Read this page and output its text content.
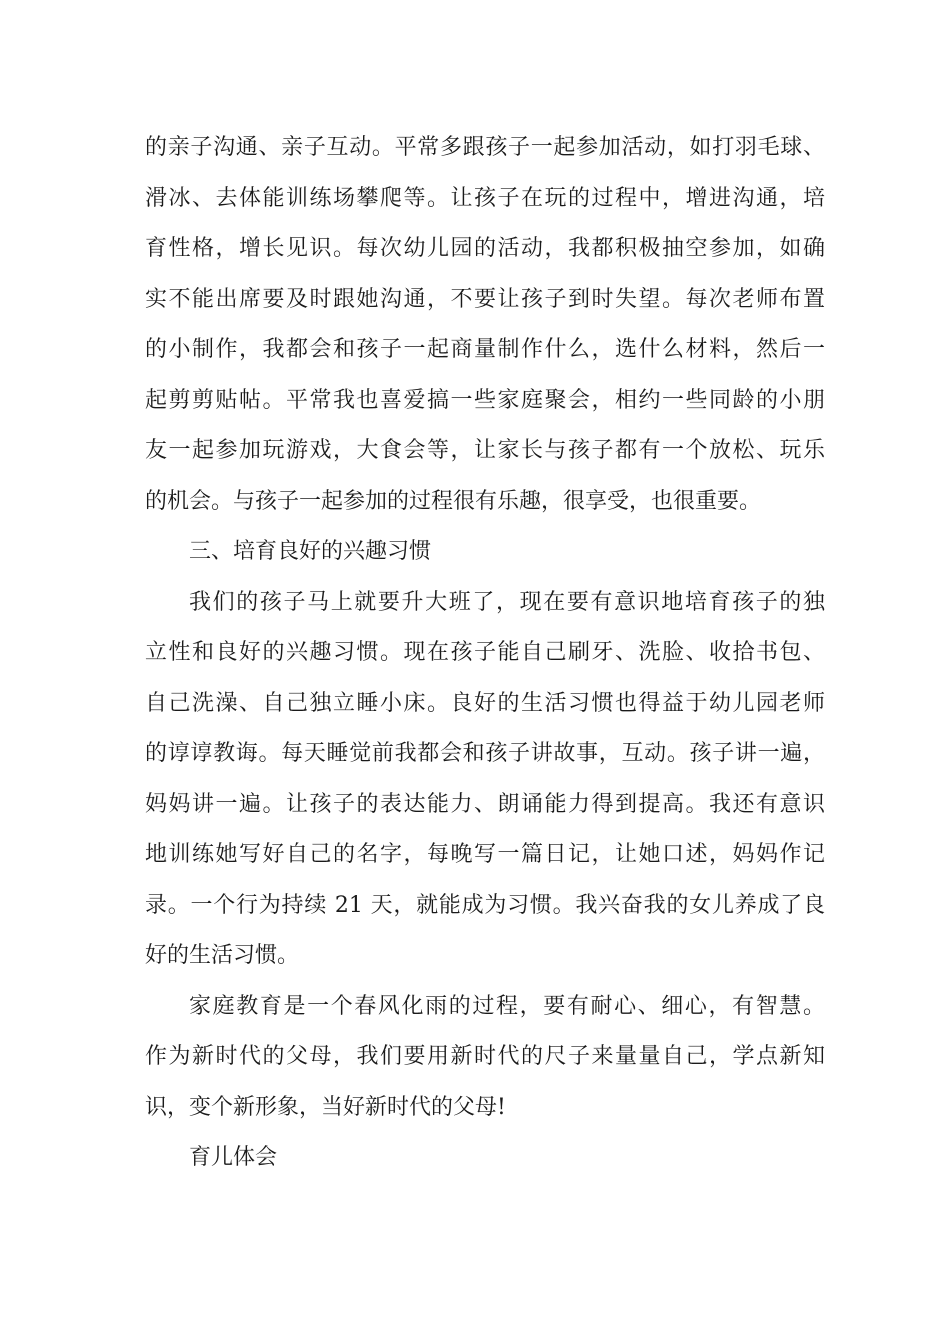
的亲子沟通、亲子互动。平常多跟孩子一起参加活动，如打羽毛球、
滑冰、去体能训练场攀爬等。让孩子在玩的过程中，增进沟通，培
育性格，增长见识。每次幼儿园的活动，我都积极抽空参加，如确
实不能出席要及时跟她沟通，不要让孩子到时失望。每次老师布置
的小制作，我都会和孩子一起商量制作什么，选什么材料，然后一
起剪剪贴帖。平常我也喜爱搞一些家庭聚会，相约一些同龄的小朋
友一起参加玩游戏，大食会等，让家长与孩子都有一个放松、玩乐
的机会。与孩子一起参加的过程很有乐趣，很享受，也很重要。
三、培育良好的兴趣习惯
我们的孩子马上就要升大班了，现在要有意识地培育孩子的独
立性和良好的兴趣习惯。现在孩子能自己刷牙、洗脸、收拾书包、
自己洗澡、自己独立睡小床。良好的生活习惯也得益于幼儿园老师
的谆谆教诲。每天睡觉前我都会和孩子讲故事，互动。孩子讲一遍，
妈妈讲一遍。让孩子的表达能力、朗诵能力得到提高。我还有意识
地训练她写好自己的名字，每晚写一篇日记，让她口述，妈妈作记
录。一个行为持续 21 天，就能成为习惯。我兴奋我的女儿养成了良
好的生活习惯。
家庭教育是一个春风化雨的过程，要有耐心、细心，有智慧。
作为新时代的父母，我们要用新时代的尺子来量量自己，学点新知
识，变个新形象，当好新时代的父母!
育儿体会
